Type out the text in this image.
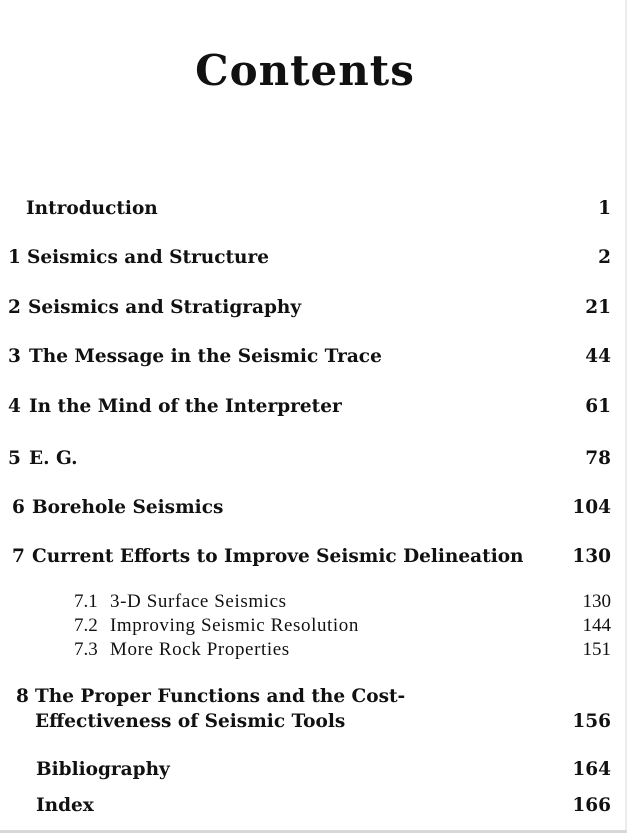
Contents
Introduction	1
1 Seismics and Structure	2
2 Seismics and Stratigraphy	21
3 The Message in the Seismic Trace	44
4 In the Mind of the Interpreter	61
5 E. G.	78
6 Borehole Seismics	104
7 Current Efforts to Improve Seismic Delineation	130
7.1 3-D Surface Seismics	130
7.2 Improving Seismic Resolution	144
7.3 More Rock Properties	151
8 The Proper Functions and the Cost-
Effectiveness of Seismic Tools	156
Bibliography	164
Index	166
